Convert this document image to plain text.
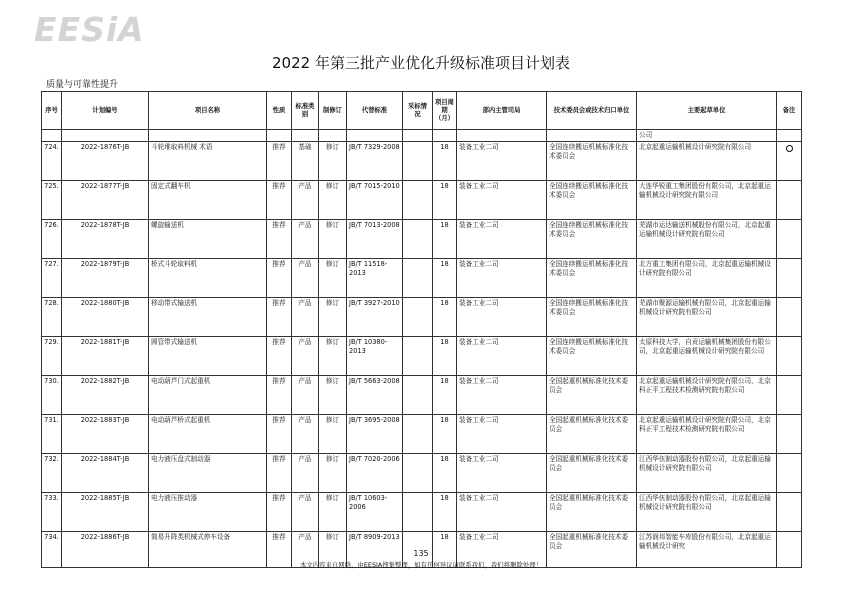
EESiA
2022 年第三批产业优化升级标准项目计划表
质量与可靠性提升
序号	计划编号	项目名称	性质	标准类别	制修订	代替标准	采标情况	项目周期（月）	部内主管司局	技术委员会或技术归口单位	主要起草单位	备注
											公司	
724.	2022-1876T-JB	斗轮堆取料机械 术语	推荐	基础	修订	JB/T 7329-2008		18	装备工业二司	全国连续搬运机械标准化技术委员会	北京起重运输机械设计研究院有限公司	
725.	2022-1877T-JB	固定式翻车机	推荐	产品	修订	JB/T 7015-2010		18	装备工业二司	全国连续搬运机械标准化技术委员会	大连华锐重工集团股份有限公司，北京起重运输机械设计研究院有限公司	
726.	2022-1878T-JB	螺旋输送机	推荐	产品	修订	JB/T 7013-2008		18	装备工业二司	全国连续搬运机械标准化技术委员会	芜湖市运达输送机械股份有限公司，北京起重运输机械设计研究院有限公司	
727.	2022-1879T-JB	桥式斗轮取料机	推荐	产品	修订	JB/T 11518-2013		18	装备工业二司	全国连续搬运机械标准化技术委员会	北方重工集团有限公司，北京起重运输机械设计研究院有限公司	
728.	2022-1880T-JB	移动带式输送机	推荐	产品	修订	JB/T 3927-2010		18	装备工业二司	全国连续搬运机械标准化技术委员会	芜湖市聚源运输机械有限公司，北京起重运输机械设计研究院有限公司	
729.	2022-1881T-JB	圆管带式输送机	推荐	产品	修订	JB/T 10380-2013		18	装备工业二司	全国连续搬运机械标准化技术委员会	太原科技大学，自贡运输机械集团股份有限公司，北京起重运输机械设计研究院有限公司	
730.	2022-1882T-JB	电动葫芦门式起重机	推荐	产品	修订	JB/T 5663-2008		18	装备工业二司	全国起重机械标准化技术委员会	北京起重运输机械设计研究院有限公司，北京科正平工程技术检测研究院有限公司	
731.	2022-1883T-JB	电动葫芦桥式起重机	推荐	产品	修订	JB/T 3695-2008		18	装备工业二司	全国起重机械标准化技术委员会	北京起重运输机械设计研究院有限公司，北京科正平工程技术检测研究院有限公司	
732.	2022-1884T-JB	电力液压盘式制动器	推荐	产品	修订	JB/T 7020-2006		18	装备工业二司	全国起重机械标准化技术委员会	江西华伍制动器股份有限公司，北京起重运输机械设计研究院有限公司	
733.	2022-1885T-JB	电力液压推动器	推荐	产品	修订	JB/T 10603-2006		18	装备工业二司	全国起重机械标准化技术委员会	江西华伍制动器股份有限公司，北京起重运输机械设计研究院有限公司	
734.	2022-1886T-JB	简易升降类机械式停车设备	推荐	产品	修订	JB/T 8909-2013		18	装备工业二司	全国起重机械标准化技术委员会	江苏润邦智能车库股份有限公司，北京起重运输机械设计研究	
135
本文内容来自网络，由EESIA搜集整理，如有任何异议请联系我们，我们将删除处理！
